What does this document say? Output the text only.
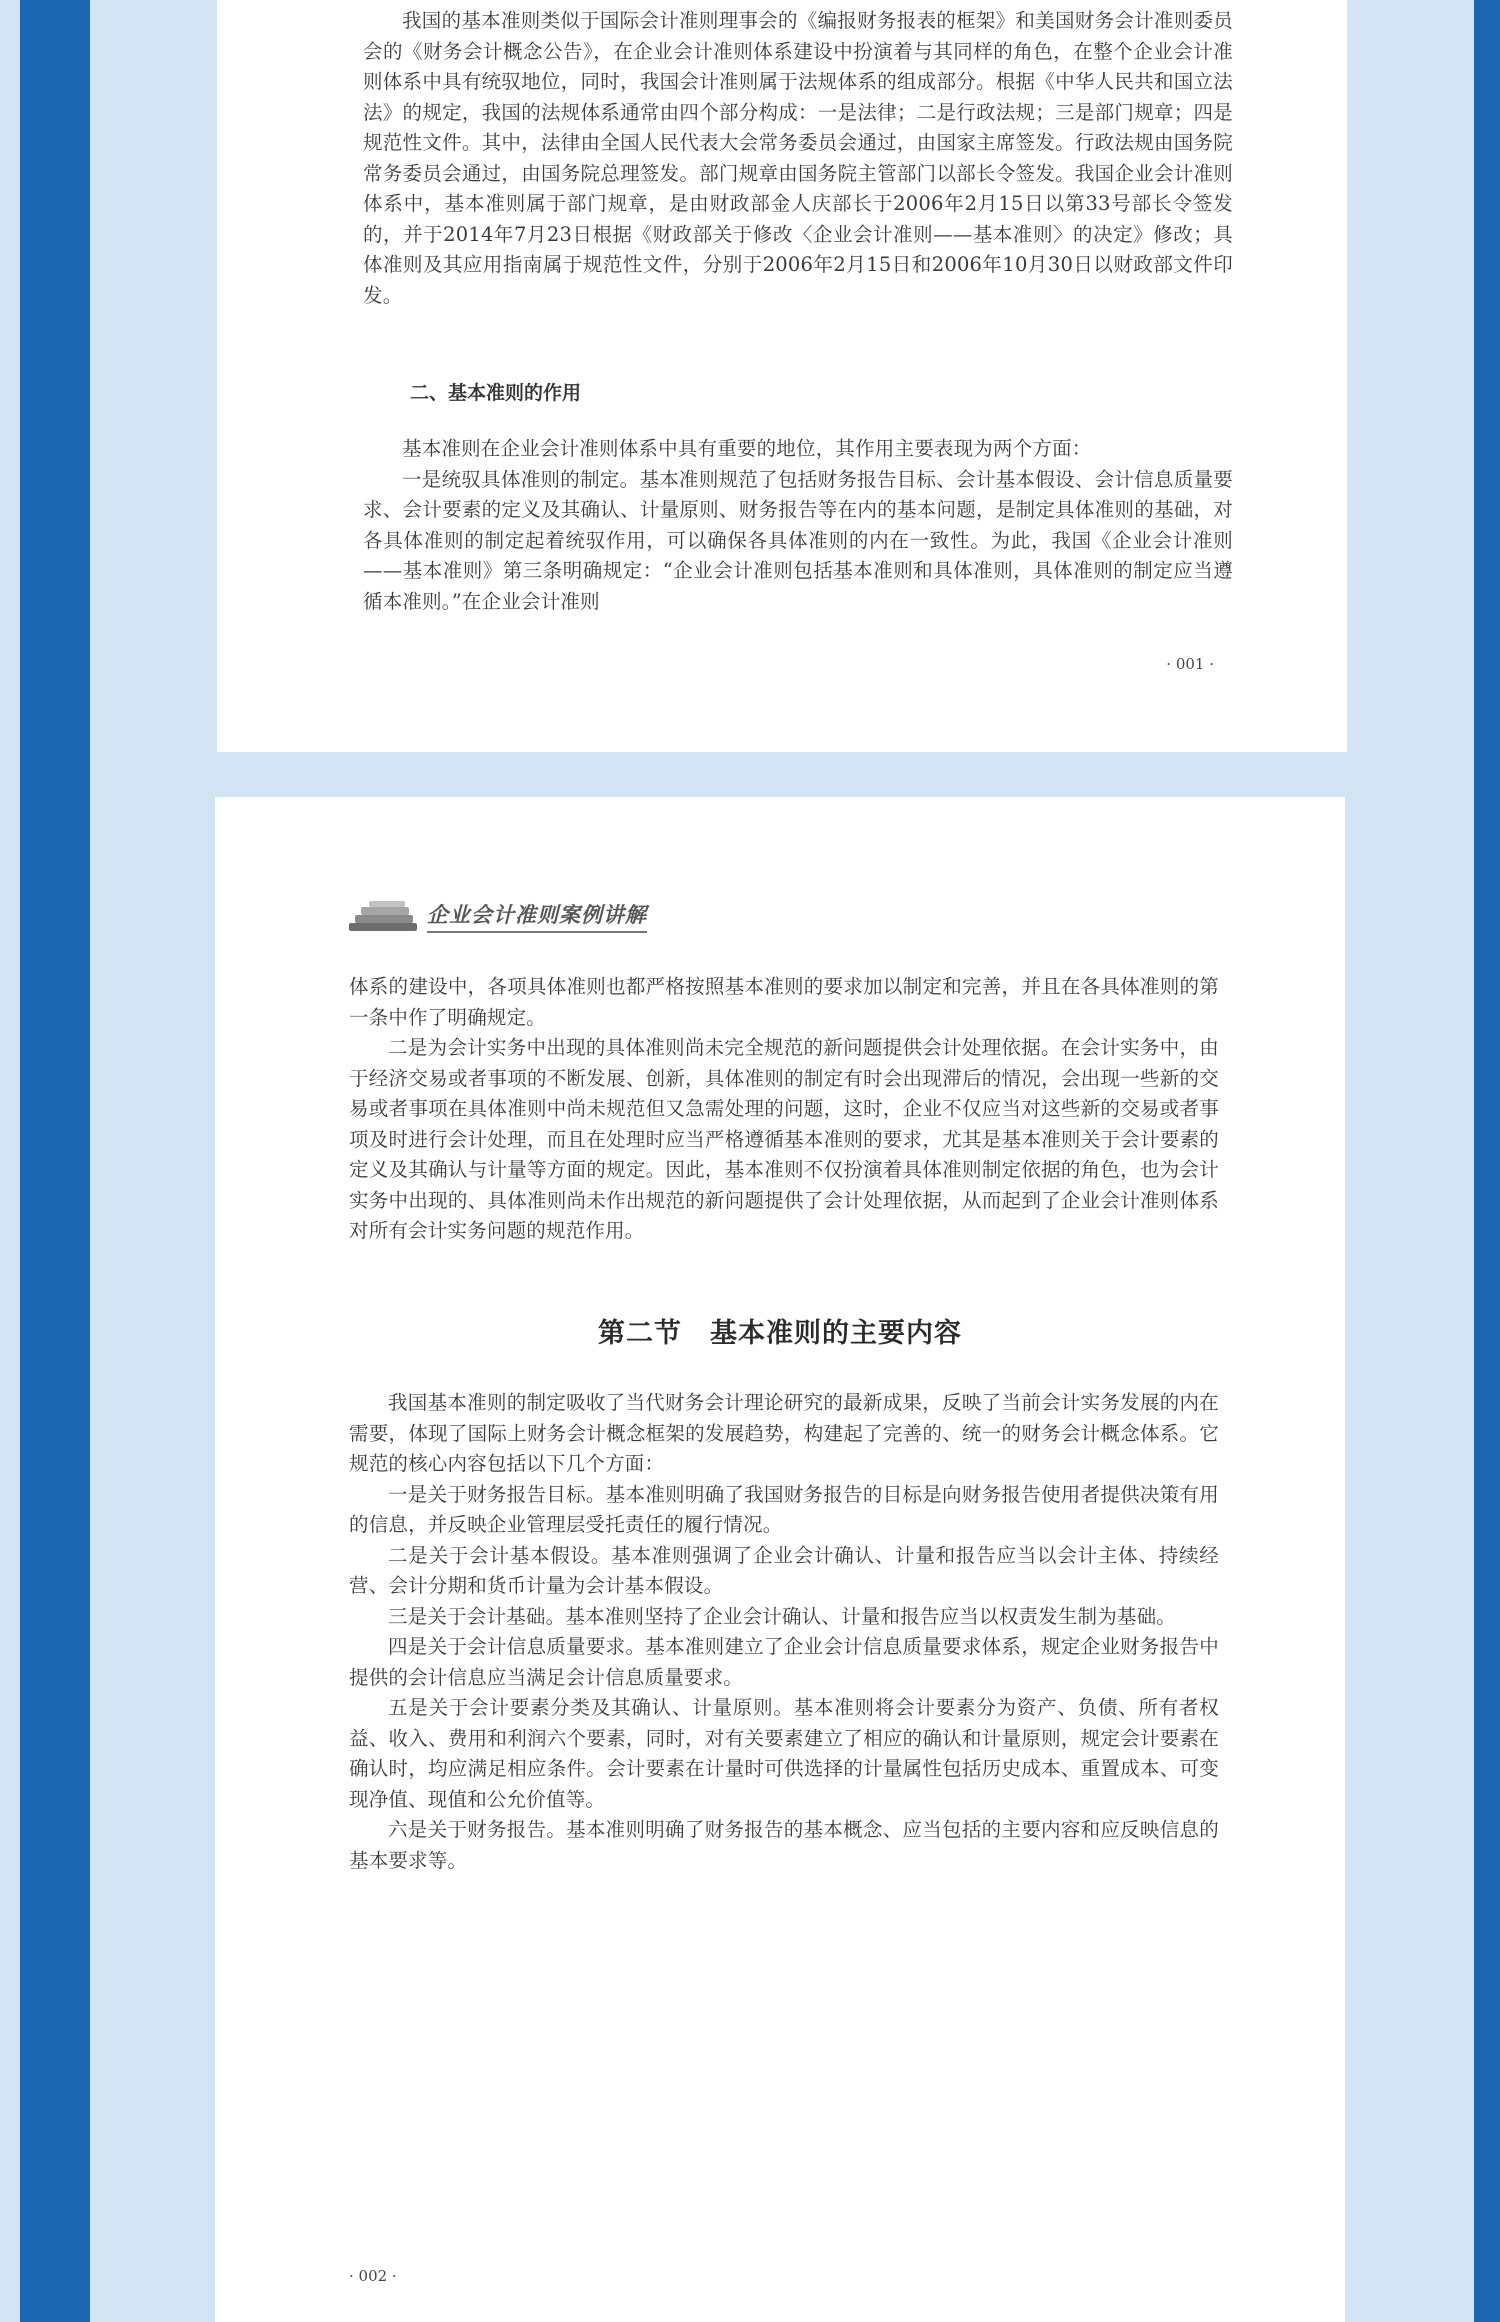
我国的基本准则类似于国际会计准则理事会的《编报财务报表的框架》和美国财务会计准则委员会的《财务会计概念公告》，在企业会计准则体系建设中扮演着与其同样的角色，在整个企业会计准则体系中具有统驭地位，同时，我国会计准则属于法规体系的组成部分。根据《中华人民共和国立法法》的规定，我国的法规体系通常由四个部分构成：一是法律；二是行政法规；三是部门规章；四是规范性文件。其中，法律由全国人民代表大会常务委员会通过，由国家主席签发。行政法规由国务院常务委员会通过，由国务院总理签发。部门规章由国务院主管部门以部长令签发。我国企业会计准则体系中，基本准则属于部门规章，是由财政部金人庆部长于2006年2月15日以第33号部长令签发的，并于2014年7月23日根据《财政部关于修改〈企业会计准则——基本准则〉的决定》修改；具体准则及其应用指南属于规范性文件，分别于2006年2月15日和2006年10月30日以财政部文件印发。

二、基本准则的作用

基本准则在企业会计准则体系中具有重要的地位，其作用主要表现为两个方面：

一是统驭具体准则的制定。基本准则规范了包括财务报告目标、会计基本假设、会计信息质量要求、会计要素的定义及其确认、计量原则、财务报告等在内的基本问题，是制定具体准则的基础，对各具体准则的制定起着统驭作用，可以确保各具体准则的内在一致性。为此，我国《企业会计准则——基本准则》第三条明确规定：“企业会计准则包括基本准则和具体准则，具体准则的制定应当遵循本准则。”在企业会计准则

· 001 ·
企业会计准则案例讲解

体系的建设中，各项具体准则也都严格按照基本准则的要求加以制定和完善，并且在各具体准则的第一条中作了明确规定。

二是为会计实务中出现的具体准则尚未完全规范的新问题提供会计处理依据。在会计实务中，由于经济交易或者事项的不断发展、创新，具体准则的制定有时会出现滞后的情况，会出现一些新的交易或者事项在具体准则中尚未规范但又急需处理的问题，这时，企业不仅应当对这些新的交易或者事项及时进行会计处理，而且在处理时应当严格遵循基本准则的要求，尤其是基本准则关于会计要素的定义及其确认与计量等方面的规定。因此，基本准则不仅扮演着具体准则制定依据的角色，也为会计实务中出现的、具体准则尚未作出规范的新问题提供了会计处理依据，从而起到了企业会计准则体系对所有会计实务问题的规范作用。

第二节　基本准则的主要内容

我国基本准则的制定吸收了当代财务会计理论研究的最新成果，反映了当前会计实务发展的内在需要，体现了国际上财务会计概念框架的发展趋势，构建起了完善的、统一的财务会计概念体系。它规范的核心内容包括以下几个方面：

一是关于财务报告目标。基本准则明确了我国财务报告的目标是向财务报告使用者提供决策有用的信息，并反映企业管理层受托责任的履行情况。

二是关于会计基本假设。基本准则强调了企业会计确认、计量和报告应当以会计主体、持续经营、会计分期和货币计量为会计基本假设。

三是关于会计基础。基本准则坚持了企业会计确认、计量和报告应当以权责发生制为基础。

四是关于会计信息质量要求。基本准则建立了企业会计信息质量要求体系，规定企业财务报告中提供的会计信息应当满足会计信息质量要求。

五是关于会计要素分类及其确认、计量原则。基本准则将会计要素分为资产、负债、所有者权益、收入、费用和利润六个要素，同时，对有关要素建立了相应的确认和计量原则，规定会计要素在确认时，均应满足相应条件。会计要素在计量时可供选择的计量属性包括历史成本、重置成本、可变现净值、现值和公允价值等。

六是关于财务报告。基本准则明确了财务报告的基本概念、应当包括的主要内容和应反映信息的基本要求等。

· 002 ·
